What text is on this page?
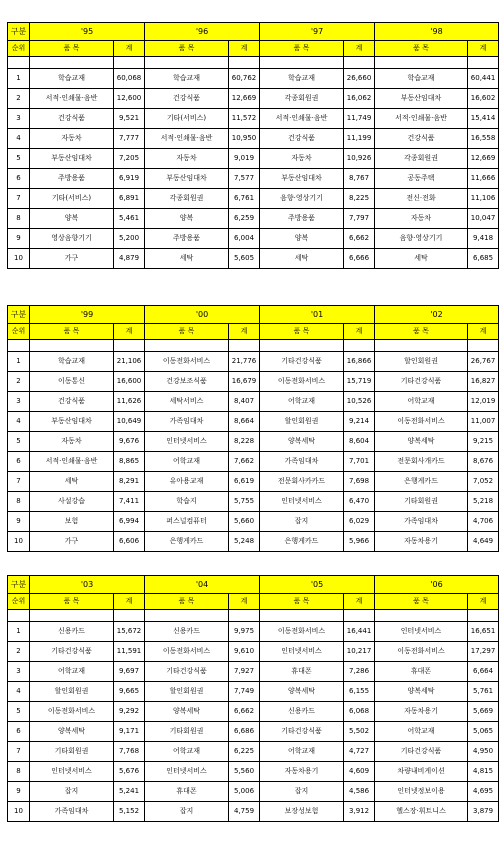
구분	'95		'96		'97		'98	
순위	품 목	계	품 목	계	품 목	계	품 목	계

1	학습교재	60,068	학습교재	60,762	학습교재	26,660	학습교재	60,441
2	서적·인쇄물·음반	12,600	건강식품	12,669	각종회원권	16,062	부동산임대차	16,602
3	건강식품	9,521	기타(서비스)	11,572	서적·인쇄물·음반	11,749	서적·인쇄물·음반	15,414
4	자동차	7,777	서적·인쇄물·음반	10,950	건강식품	11,199	건강식품	16,558
5	부동산임대차	7,205	자동차	9,019	자동차	10,926	각종회원권	12,669
6	주방용품	6,919	부동산임대차	7,577	부동산임대차	8,767	공동주택	11,666
7	기타(서비스)	6,891	각종회원권	6,761	음향·영상기기	8,225	전신·전화	11,106
8	양복	5,461	양복	6,259	주방용품	7,797	자동차	10,047
9	영상음향기기	5,200	주방용품	6,004	양복	6,662	음향·영상기기	9,418
10	가구	4,879	세탁	5,605	세탁	6,666	세탁	6,685
구분	'99		'00		'01		'02	
순위	품 목	계	품 목	계	품 목	계	품 목	계

1	학습교재	21,106	이동전화서비스	21,776	기타건강식품	16,866	할인회원권	26,767
2	이동통신	16,600	건강보조식품	16,679	이동전화서비스	15,719	기타건강식품	16,827
3	건강식품	11,626	세탁서비스	8,407	어학교재	10,526	어학교재	12,019
4	부동산임대차	10,649	가족임대차	8,664	할인회원권	9,214	이동전화서비스	11,007
5	자동차	9,676	인터넷서비스	8,228	양복세탁	8,604	양복세탁	9,215
6	서적·인쇄물·음반	8,865	어학교재	7,662	가족임대차	7,701	전문회사개카드	8,676
7	세탁	8,291	유아용교재	6,619	전문회사카카드	7,698	은행게카드	7,052
8	사설강습	7,411	학습지	5,755	인터넷서비스	6,470	기타회원권	5,218
9	보험	6,994	퍼스널컴퓨터	5,660	잡지	6,029	가족임대차	4,706
10	가구	6,606	은행게카드	5,248	은행게카드	5,966	자동차용기	4,649
구분	'03		'04		'05		'06	
순위	품 목	계	품 목	계	품 목	계	품 목	계

1	신용카드	15,672	신용카드	9,975	이동전화서비스	16,441	인터넷서비스	16,651
2	기타건강식품	11,591	이동전화서비스	9,610	인터넷서비스	10,217	이동전화서비스	17,297
3	어학교재	9,697	기타건강식품	7,927	휴대폰	7,286	휴대폰	6,664
4	할인회원권	9,665	할인회원권	7,749	양복세탁	6,155	양복세탁	5,761
5	이동전화서비스	9,292	양복세탁	6,662	신용카드	6,068	자동차용기	5,669
6	양복세탁	9,171	기타회원권	6,686	기타건강식품	5,502	어학교재	5,065
7	기타회원권	7,768	어학교재	6,225	어학교재	4,727	기타건강식품	4,950
8	인터넷서비스	5,676	인터넷서비스	5,560	자동차용기	4,609	차량내비게이션	4,815
9	잡지	5,241	휴대폰	5,006	잡지	4,586	인터넷정보이용	4,695
10	가족임대차	5,152	잡지	4,759	보장성보험	3,912	헬스장·휘트니스	3,879
